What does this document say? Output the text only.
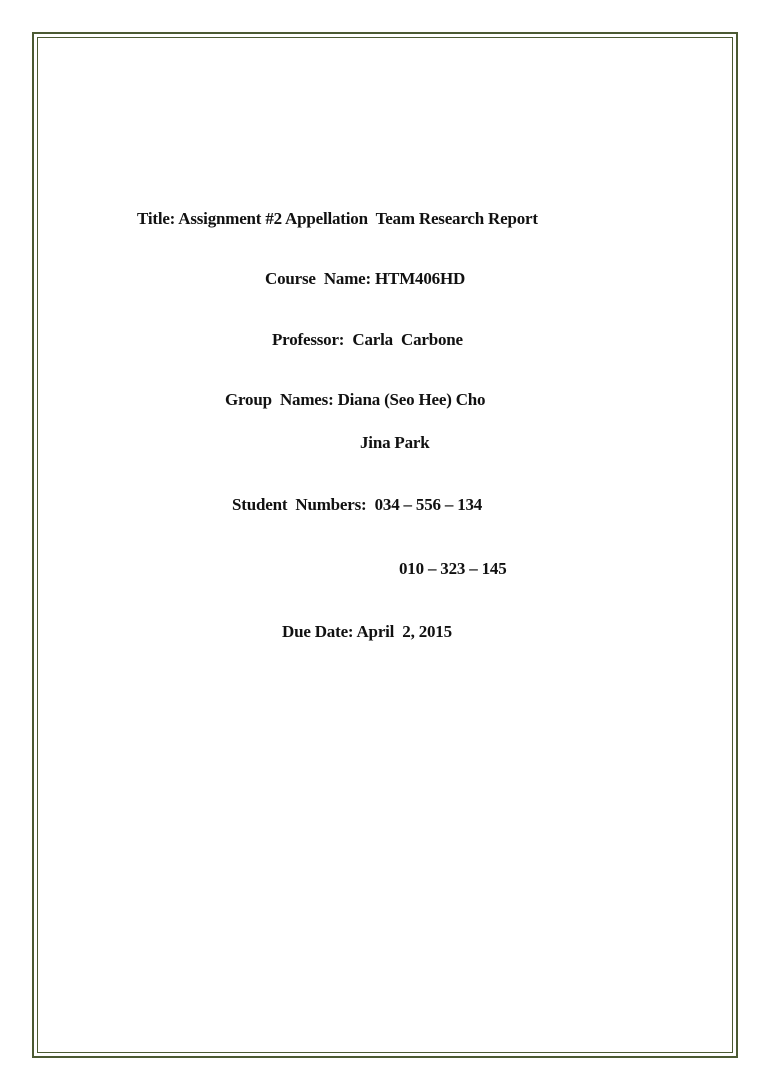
Title: Assignment #2 Appellation  Team Research Report
Course  Name: HTM406HD
Professor:  Carla  Carbone
Group  Names: Diana (Seo Hee) Cho
Jina Park
Student  Numbers:  034 – 556 – 134
010 – 323 – 145
Due Date: April  2, 2015
